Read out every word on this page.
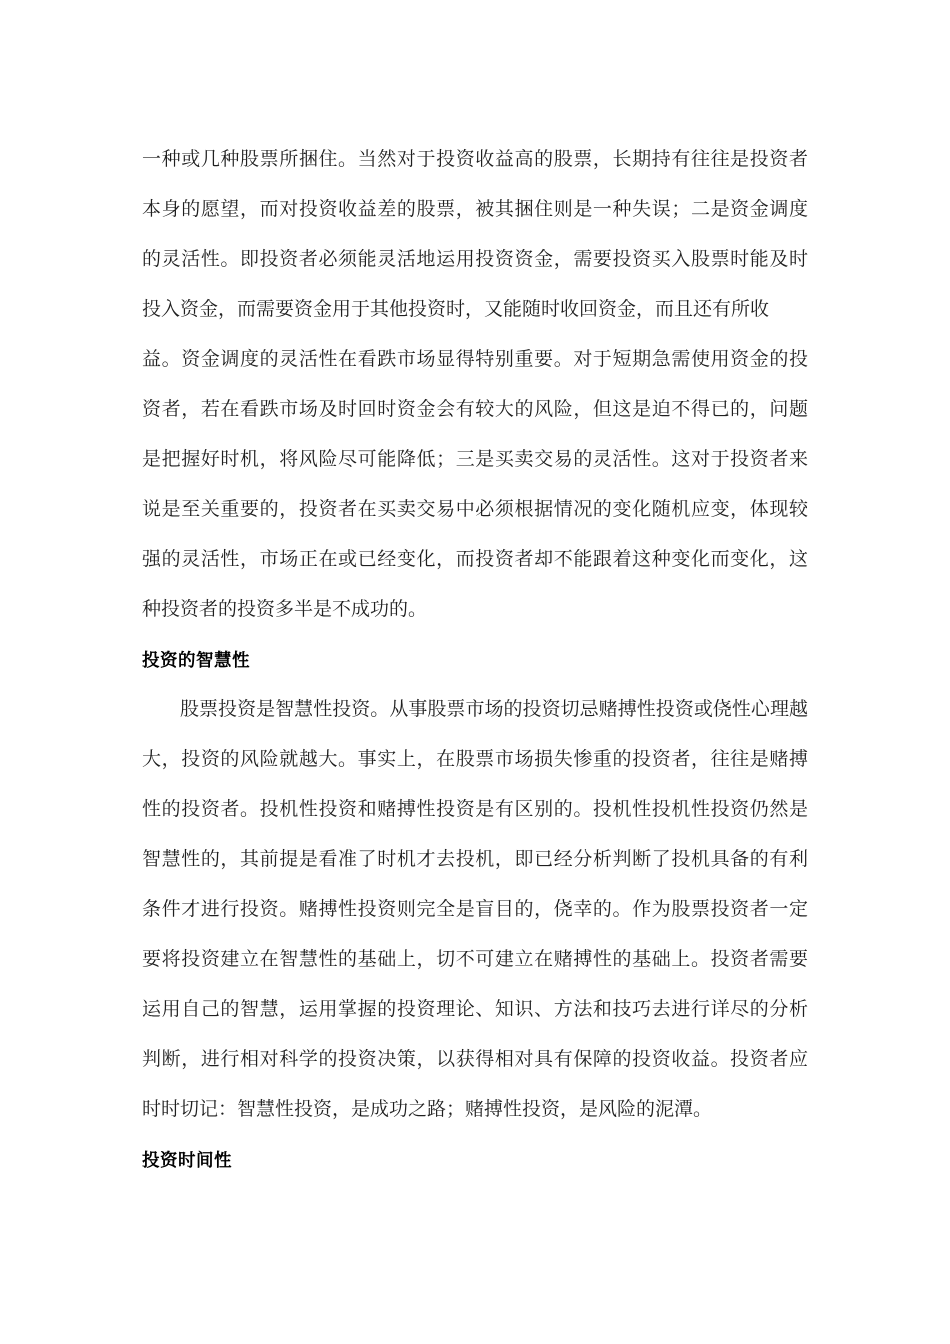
一种或几种股票所捆住。当然对于投资收益高的股票，长期持有往往是投资者
本身的愿望，而对投资收益差的股票，被其捆住则是一种失误；二是资金调度
的灵活性。即投资者必须能灵活地运用投资资金，需要投资买入股票时能及时
投入资金，而需要资金用于其他投资时，又能随时收回资金，而且还有所收
益。资金调度的灵活性在看跌市场显得特别重要。对于短期急需使用资金的投
资者，若在看跌市场及时回时资金会有较大的风险，但这是迫不得已的，问题
是把握好时机，将风险尽可能降低；三是买卖交易的灵活性。这对于投资者来
说是至关重要的，投资者在买卖交易中必须根据情况的变化随机应变，体现较
强的灵活性，市场正在或已经变化，而投资者却不能跟着这种变化而变化，这
种投资者的投资多半是不成功的。
投资的智慧性
股票投资是智慧性投资。从事股票市场的投资切忌赌搏性投资或侥性心理越
大，投资的风险就越大。事实上，在股票市场损失惨重的投资者，往往是赌搏
性的投资者。投机性投资和赌搏性投资是有区别的。投机性投机性投资仍然是
智慧性的，其前提是看准了时机才去投机，即已经分析判断了投机具备的有利
条件才进行投资。赌搏性投资则完全是盲目的，侥幸的。作为股票投资者一定
要将投资建立在智慧性的基础上，切不可建立在赌搏性的基础上。投资者需要
运用自己的智慧，运用掌握的投资理论、知识、方法和技巧去进行详尽的分析
判断，进行相对科学的投资决策，以获得相对具有保障的投资收益。投资者应
时时切记：智慧性投资，是成功之路；赌搏性投资，是风险的泥潭。
投资时间性
